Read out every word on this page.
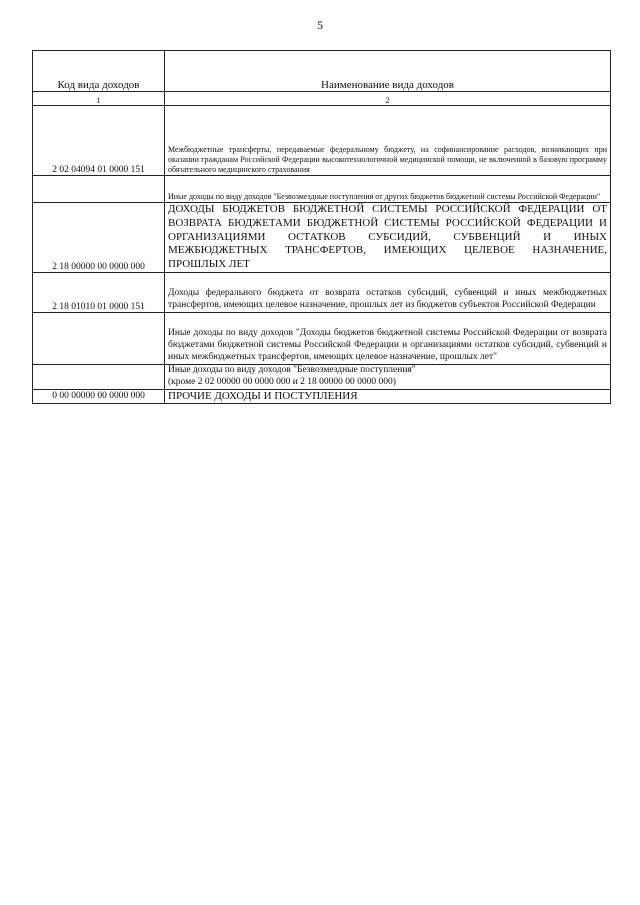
5
Код вида доходов	Наименование вида доходов
1	2
2 02 04094 01 0000 151	Межбюджетные трансферты, передаваемые федеральному бюджету, на софинансирование расходов, возникающих при оказании гражданам Российской Федерации высокотехнологичной медицинской помощи, не включенной в базовую программу обязательного медицинского страхования
	Иные доходы по виду доходов "Безвозмездные поступления от других бюджетов бюджетной системы Российской Федерации"
2 18 00000 00 0000 000	ДОХОДЫ БЮДЖЕТОВ БЮДЖЕТНОЙ СИСТЕМЫ РОССИЙСКОЙ ФЕДЕРАЦИИ ОТ ВОЗВРАТА БЮДЖЕТАМИ БЮДЖЕТНОЙ СИСТЕМЫ РОССИЙСКОЙ ФЕДЕРАЦИИ И ОРГАНИЗАЦИЯМИ ОСТАТКОВ СУБСИДИЙ, СУБВЕНЦИЙ И ИНЫХ МЕЖБЮДЖЕТНЫХ ТРАНСФЕРТОВ, ИМЕЮЩИХ ЦЕЛЕВОЕ НАЗНАЧЕНИЕ, ПРОШЛЫХ ЛЕТ
2 18 01010 01 0000 151	Доходы федерального бюджета от возврата остатков субсидий, субвенций и иных межбюджетных трансфертов, имеющих целевое назначение, прошлых лет из бюджетов субъектов Российской Федерации
	Иные доходы по виду доходов "Доходы бюджетов бюджетной системы Российской Федерации от возврата бюджетами бюджетной системы Российской Федерации и организациями остатков субсидий, субвенций и иных межбюджетных трансфертов, имеющих целевое назначение, прошлых лет"
	Иные доходы по виду доходов "Безвозмездные поступления"
(кроме 2 02 00000 00 0000 000 и 2 18 00000 00 0000 000)
0 00 00000 00 0000 000	ПРОЧИЕ ДОХОДЫ И ПОСТУПЛЕНИЯ
